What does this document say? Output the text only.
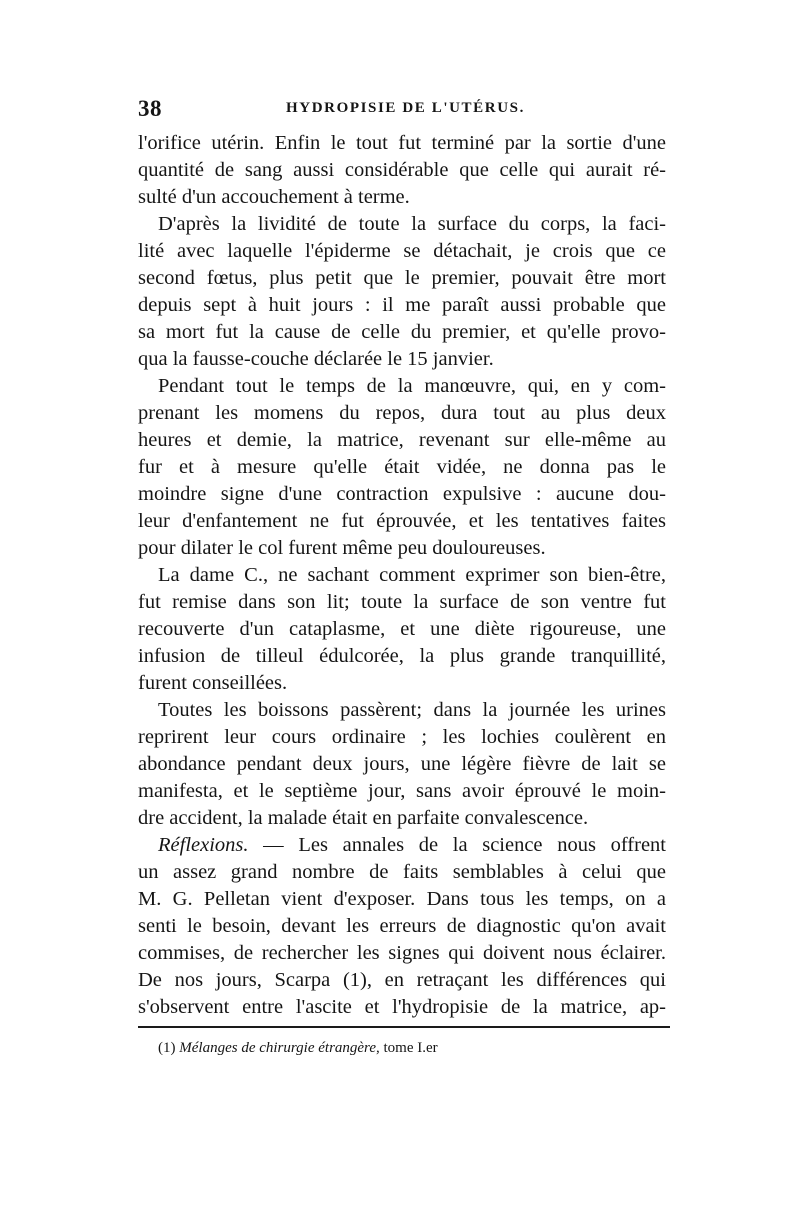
38	HYDROPISIE DE L'UTÉRUS.
l'orifice utérin. Enfin le tout fut terminé par la sortie d'une
quantité de sang aussi considérable que celle qui aurait ré-
sulté d'un accouchement à terme.
D'après la lividité de toute la surface du corps, la faci-
lité avec laquelle l'épiderme se détachait, je crois que ce
second fœtus, plus petit que le premier, pouvait être mort
depuis sept à huit jours : il me paraît aussi probable que
sa mort fut la cause de celle du premier, et qu'elle provo-
qua la fausse-couche déclarée le 15 janvier.
Pendant tout le temps de la manœuvre, qui, en y com-
prenant les momens du repos, dura tout au plus deux
heures et demie, la matrice, revenant sur elle-même au
fur et à mesure qu'elle était vidée, ne donna pas le
moindre signe d'une contraction expulsive : aucune dou-
leur d'enfantement ne fut éprouvée, et les tentatives faites
pour dilater le col furent même peu douloureuses.
La dame C., ne sachant comment exprimer son bien-être,
fut remise dans son lit; toute la surface de son ventre fut
recouverte d'un cataplasme, et une diète rigoureuse, une
infusion de tilleul édulcorée, la plus grande tranquillité,
furent conseillées.
Toutes les boissons passèrent; dans la journée les urines
reprirent leur cours ordinaire ; les lochies coulèrent en
abondance pendant deux jours, une légère fièvre de lait se
manifesta, et le septième jour, sans avoir éprouvé le moin-
dre accident, la malade était en parfaite convalescence.
Réflexions. — Les annales de la science nous offrent
un assez grand nombre de faits semblables à celui que
M. G. Pelletan vient d'exposer. Dans tous les temps, on a
senti le besoin, devant les erreurs de diagnostic qu'on avait
commises, de rechercher les signes qui doivent nous éclairer.
De nos jours, Scarpa (1), en retraçant les différences qui
s'observent entre l'ascite et l'hydropisie de la matrice, ap-
(1) Mélanges de chirurgie étrangère, tome I.er
